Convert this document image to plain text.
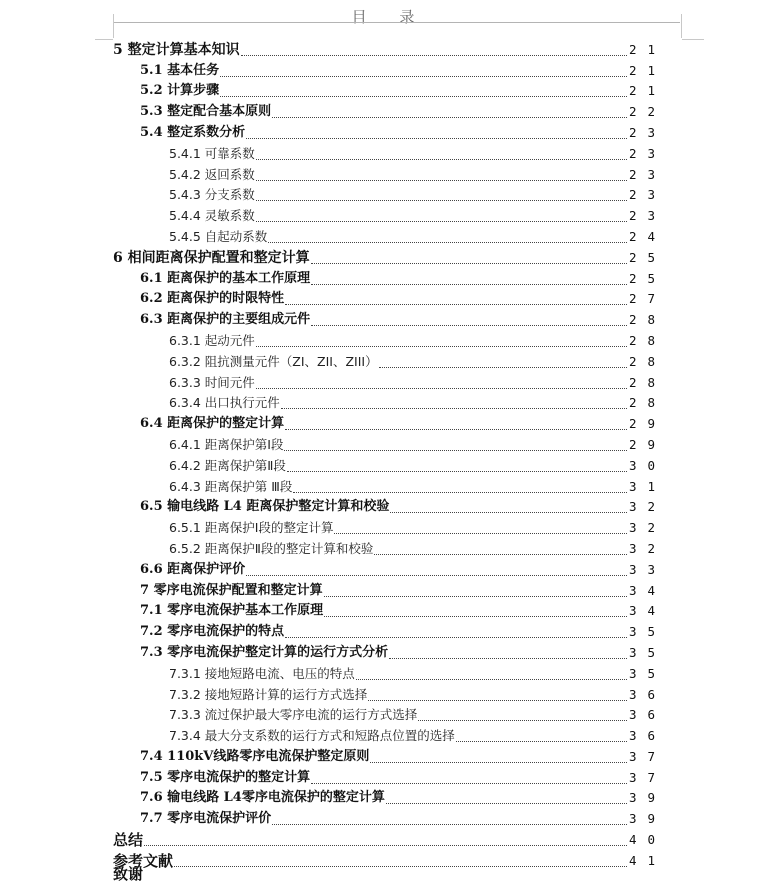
目 录
5 整定计算基本知识	21
5.1 基本任务	21
5.2 计算步骤	21
5.3 整定配合基本原则	22
5.4 整定系数分析	23
5.4.1 可靠系数	23
5.4.2 返回系数	23
5.4.3 分支系数	23
5.4.4 灵敏系数	23
5.4.5 自起动系数	24
6 相间距离保护配置和整定计算	25
6.1 距离保护的基本工作原理	25
6.2 距离保护的时限特性	27
6.3 距离保护的主要组成元件	28
6.3.1 起动元件	28
6.3.2 阻抗测量元件（ZI、ZII、ZIII）	28
6.3.3 时间元件	28
6.3.4 出口执行元件	28
6.4 距离保护的整定计算	29
6.4.1 距离保护第Ⅰ段	29
6.4.2 距离保护第Ⅱ段	30
6.4.3 距离保护第 Ⅲ段	31
6.5 输电线路 L4 距离保护整定计算和校验	32
6.5.1 距离保护Ⅰ段的整定计算	32
6.5.2 距离保护Ⅱ段的整定计算和校验	32
6.6 距离保护评价	33
7 零序电流保护配置和整定计算	34
7.1 零序电流保护基本工作原理	34
7.2 零序电流保护的特点	35
7.3 零序电流保护整定计算的运行方式分析	35
7.3.1 接地短路电流、电压的特点	35
7.3.2 接地短路计算的运行方式选择	36
7.3.3 流过保护最大零序电流的运行方式选择	36
7.3.4 最大分支系数的运行方式和短路点位置的选择	36
7.4 110kV线路零序电流保护整定原则	37
7.5 零序电流保护的整定计算	37
7.6 输电线路 L4零序电流保护的整定计算	39
7.7 零序电流保护评价	39
总结	40
参考文献	41
致谢
